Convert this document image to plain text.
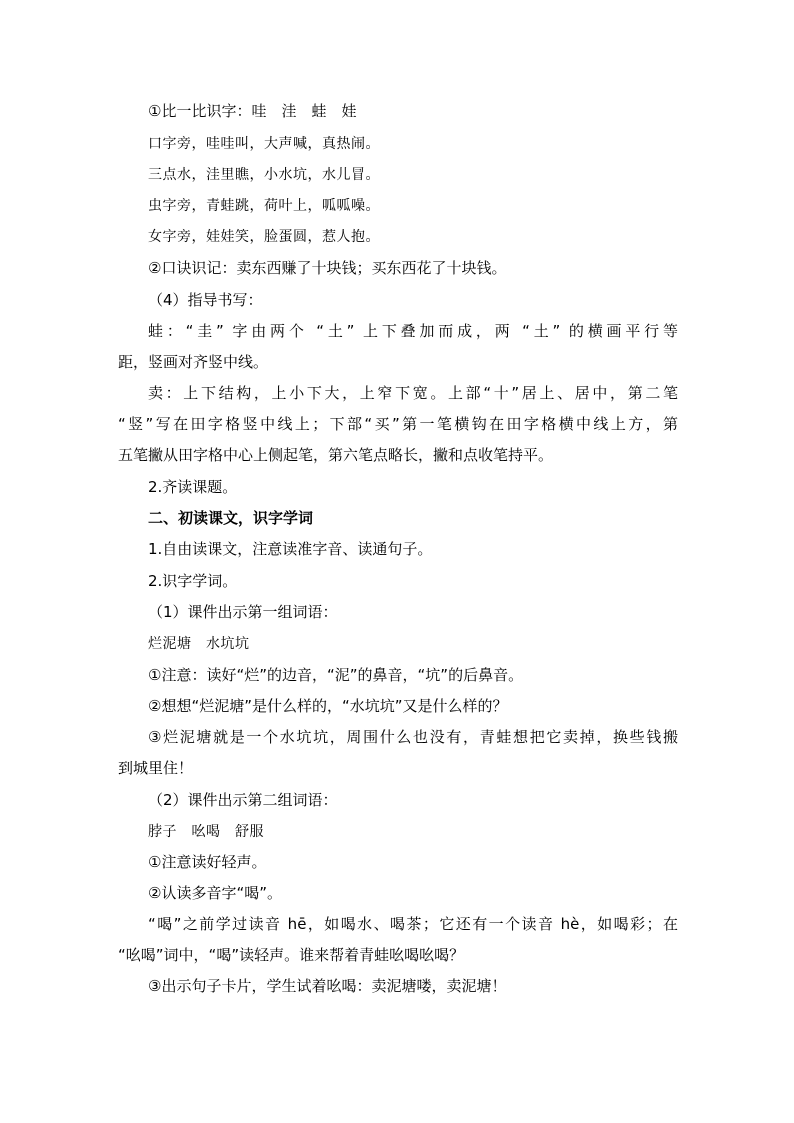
①比一比识字：哇　洼　蛙　娃
口字旁，哇哇叫，大声喊，真热闹。
三点水，洼里瞧，小水坑，水儿冒。
虫字旁，青蛙跳，荷叶上，呱呱噪。
女字旁，娃娃笑，脸蛋圆，惹人抱。
②口诀识记：卖东西赚了十块钱；买东西花了十块钱。
（4）指导书写：
蛙：“圭” 字由两个 “土” 上下叠加而成，两 “土” 的横画平行等
距，竖画对齐竖中线。
卖：上下结构，上小下大，上窄下宽。上部“十”居上、居中，第二笔
“竖”写在田字格竖中线上；下部“买”第一笔横钩在田字格横中线上方，第
五笔撇从田字格中心上侧起笔，第六笔点略长，撇和点收笔持平。
2.齐读课题。
二、初读课文，识字学词
1.自由读课文，注意读准字音、读通句子。
2.识字学词。
（1）课件出示第一组词语：
烂泥塘　水坑坑
①注意：读好“烂”的边音，“泥”的鼻音，“坑”的后鼻音。
②想想“烂泥塘”是什么样的，“水坑坑”又是什么样的？
③烂泥塘就是一个水坑坑，周围什么也没有，青蛙想把它卖掉，换些钱搬
到城里住！
（2）课件出示第二组词语：
脖子　吆喝　舒服
①注意读好轻声。
②认读多音字“喝”。
“喝”之前学过读音 hē，如喝水、喝茶；它还有一个读音 hè，如喝彩；在
“吆喝”词中，“喝”读轻声。谁来帮着青蛙吆喝吆喝？
③出示句子卡片，学生试着吆喝：卖泥塘喽，卖泥塘！
